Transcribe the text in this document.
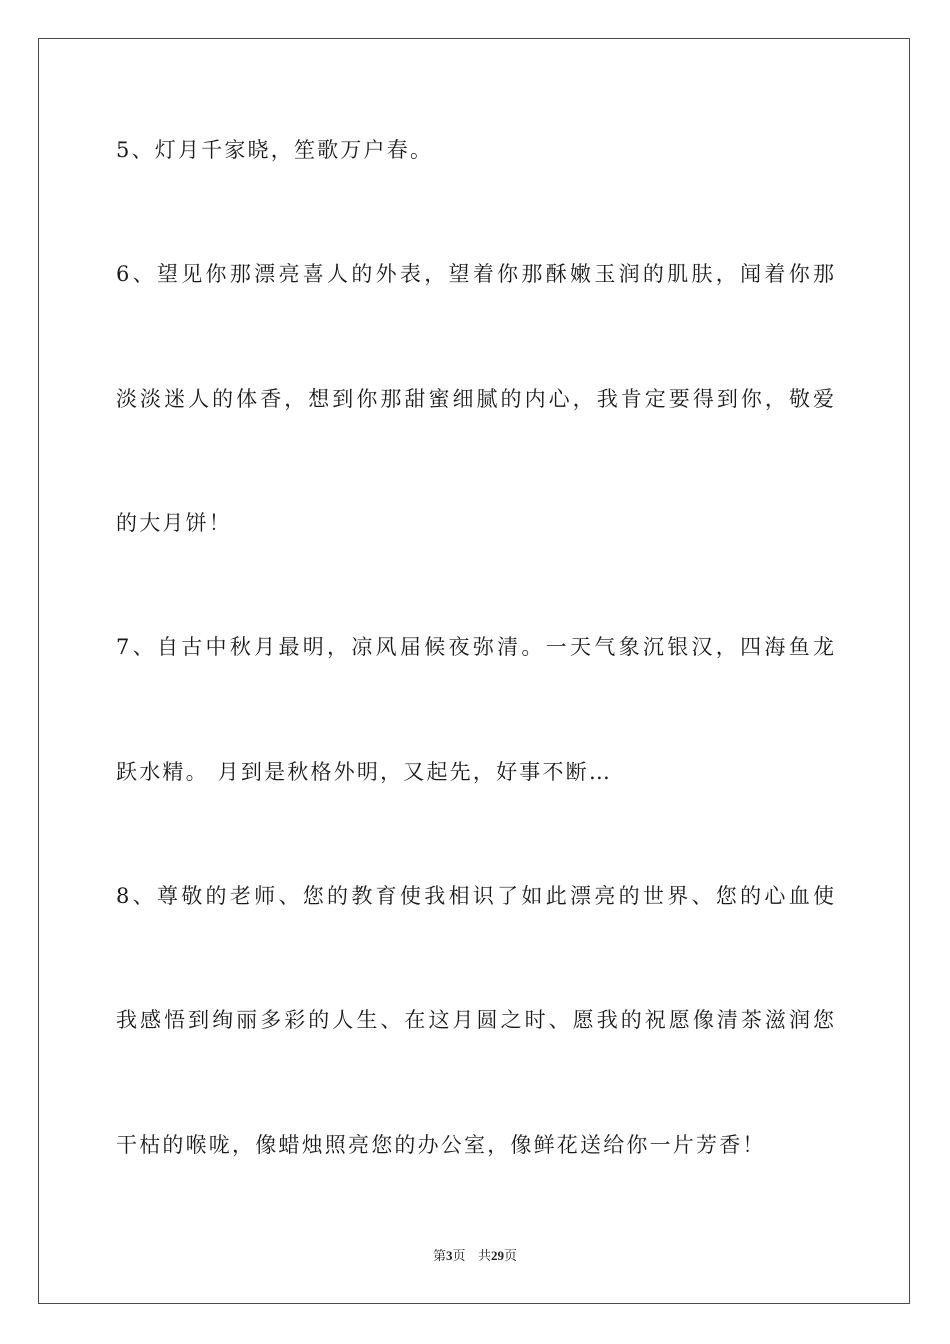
5、灯月千家晓，笙歌万户春。
6、望见你那漂亮喜人的外表，望着你那酥嫩玉润的肌肤，闻着你那
淡淡迷人的体香，想到你那甜蜜细腻的内心，我肯定要得到你，敬爱
的大月饼！
7、自古中秋月最明，凉风届候夜弥清。一天气象沉银汉，四海鱼龙
跃水精。 月到是秋格外明，又起先，好事不断…
8、尊敬的老师、您的教育使我相识了如此漂亮的世界、您的心血使
我感悟到绚丽多彩的人生、在这月圆之时、愿我的祝愿像清茶滋润您
干枯的喉咙，像蜡烛照亮您的办公室，像鲜花送给你一片芳香！
第3页 共29页
